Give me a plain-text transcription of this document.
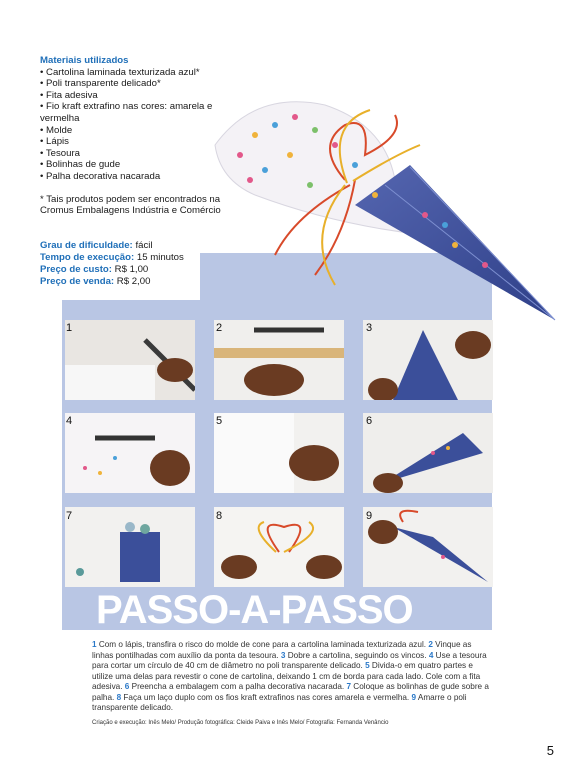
Materiais utilizados
• Cartolina laminada texturizada azul*
• Poli transparente delicado*
• Fita adesiva
• Fio kraft extrafino nas cores: amarela e vermelha
• Molde
• Lápis
• Tesoura
• Bolinhas de gude
• Palha decorativa nacarada
* Tais produtos podem ser encontrados na Cromus Embalagens Indústria e Comércio
Grau de dificuldade: fácil
Tempo de execução: 15 minutos
Preço de custo: R$ 1,00
Preço de venda: R$ 2,00
1	2	3
4	5	6
7	8	9
PASSO-A-PASSO
1 Com o lápis, transfira o risco do molde de cone para a cartolina laminada texturizada azul. 2 Vinque as linhas pontilhadas com auxílio da ponta da tesoura. 3 Dobre a cartolina, seguindo os vincos. 4 Use a tesoura para cortar um círculo de 40 cm de diâmetro no poli transparente delicado. 5 Divida-o em quatro partes e utilize uma delas para revestir o cone de cartolina, deixando 1 cm de borda para cada lado. Cole com a fita adesiva. 6 Preencha a embalagem com a palha decorativa nacarada. 7 Coloque as bolinhas de gude sobre a palha. 8 Faça um laço duplo com os fios kraft extrafinos nas cores amarela e vermelha. 9 Amarre o poli transparente delicado.
Criação e execução: Inês Melo/ Produção fotográfica: Cleide Paiva e Inês Melo/ Fotografia: Fernanda Venâncio
5
